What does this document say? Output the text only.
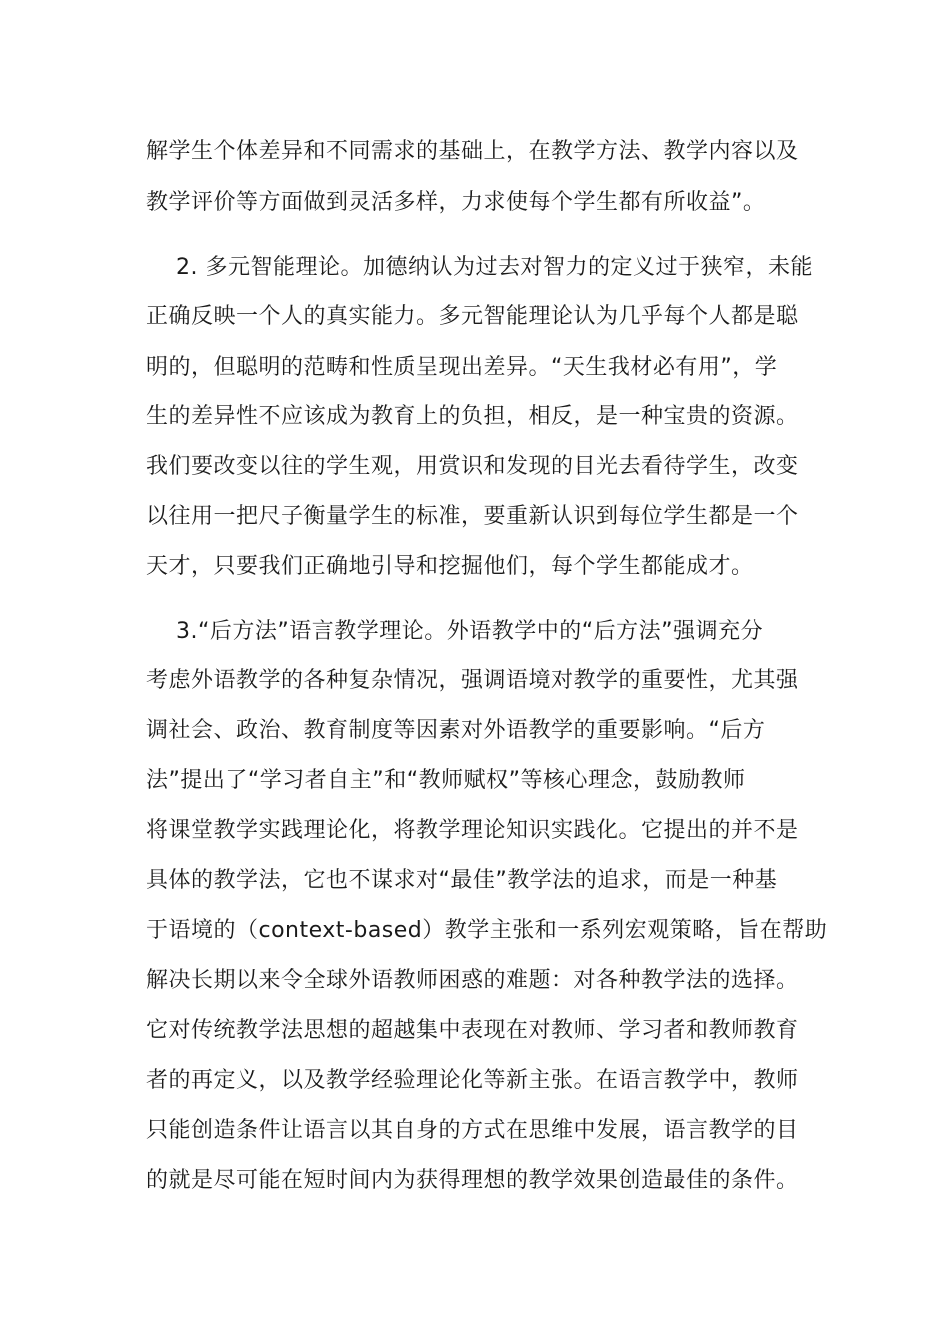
解学生个体差异和不同需求的基础上，在教学方法、教学内容以及
教学评价等方面做到灵活多样，力求使每个学生都有所收益”。
2. 多元智能理论。加德纳认为过去对智力的定义过于狭窄，未能
正确反映一个人的真实能力。多元智能理论认为几乎每个人都是聪
明的，但聪明的范畴和性质呈现出差异。“天生我材必有用”，学
生的差异性不应该成为教育上的负担，相反，是一种宝贵的资源。
我们要改变以往的学生观，用赏识和发现的目光去看待学生，改变
以往用一把尺子衡量学生的标准，要重新认识到每位学生都是一个
天才，只要我们正确地引导和挖掘他们，每个学生都能成才。
3.“后方法”语言教学理论。外语教学中的“后方法”强调充分
考虑外语教学的各种复杂情况，强调语境对教学的重要性，尤其强
调社会、政治、教育制度等因素对外语教学的重要影响。“后方
法”提出了“学习者自主”和“教师赋权”等核心理念，鼓励教师
将课堂教学实践理论化，将教学理论知识实践化。它提出的并不是
具体的教学法，它也不谋求对“最佳”教学法的追求，而是一种基
于语境的（context-based）教学主张和一系列宏观策略，旨在帮助
解决长期以来令全球外语教师困惑的难题：对各种教学法的选择。
它对传统教学法思想的超越集中表现在对教师、学习者和教师教育
者的再定义，以及教学经验理论化等新主张。在语言教学中，教师
只能创造条件让语言以其自身的方式在思维中发展，语言教学的目
的就是尽可能在短时间内为获得理想的教学效果创造最佳的条件。
